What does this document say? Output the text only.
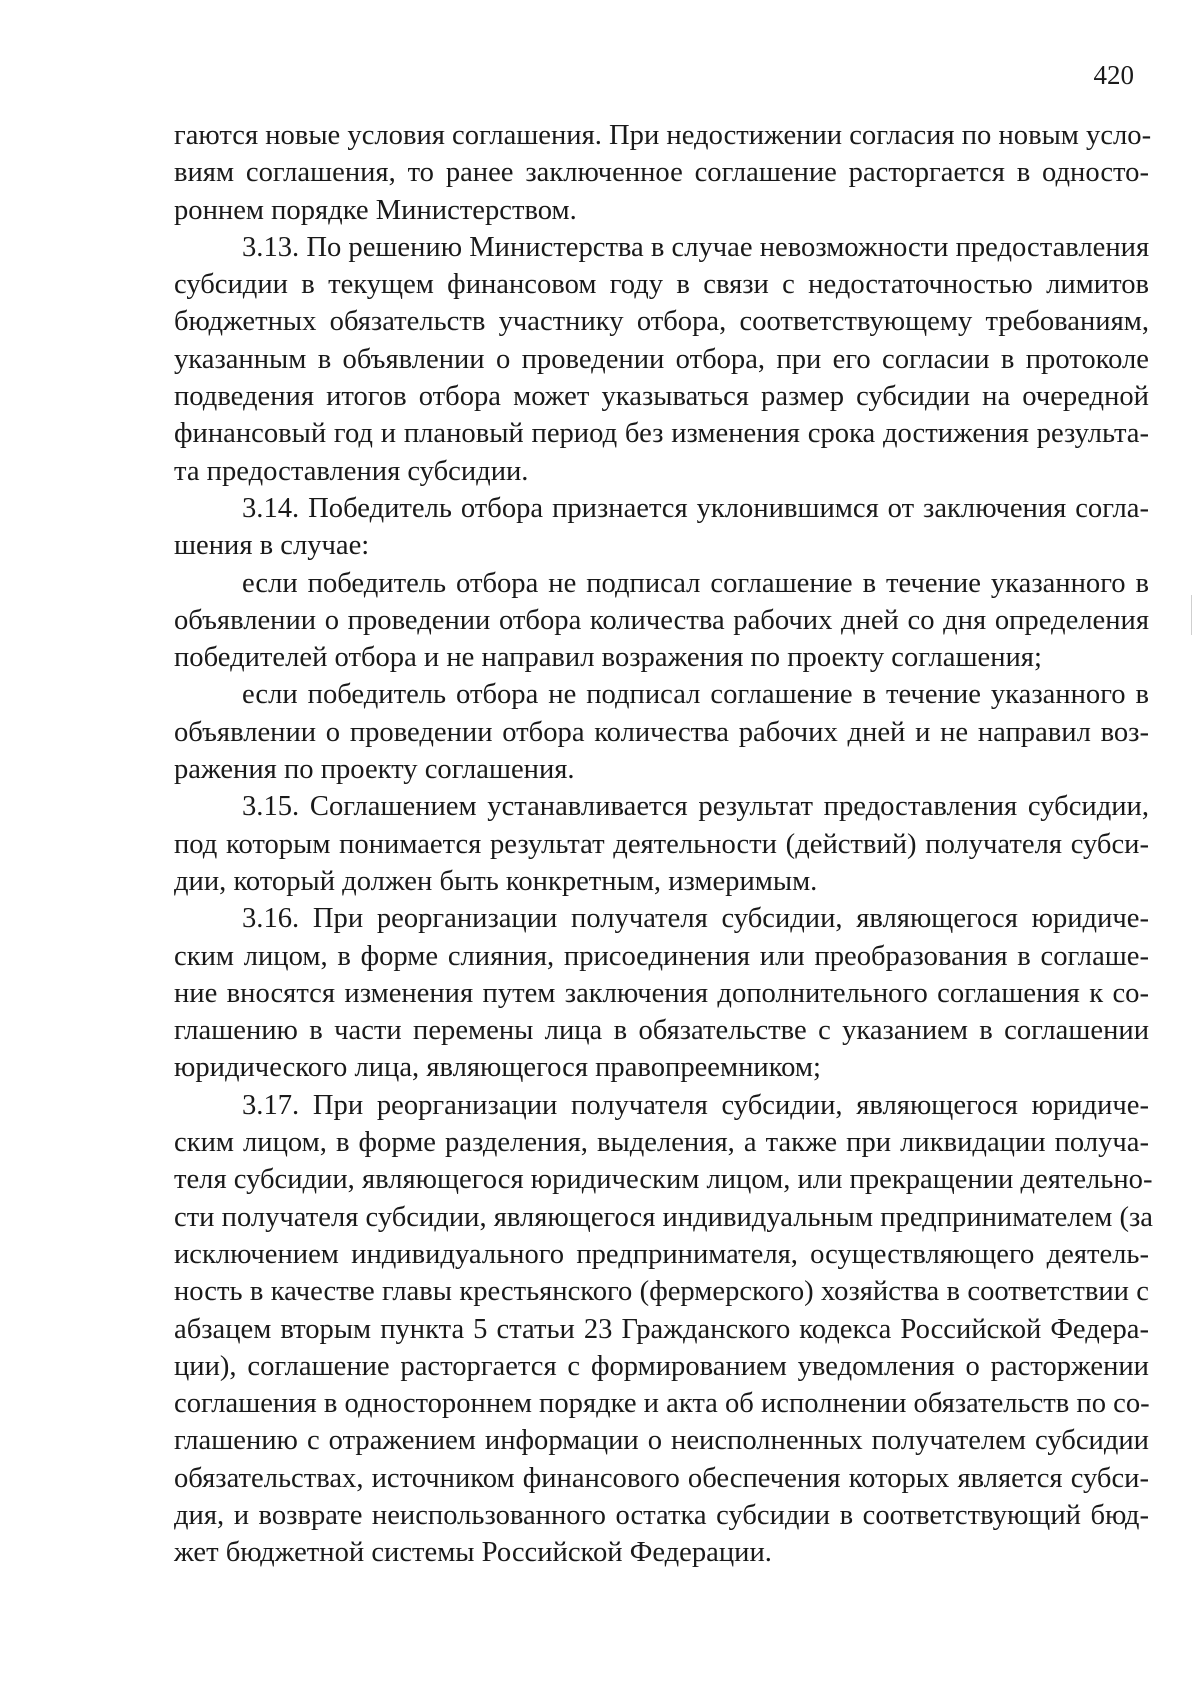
420
гаются новые условия соглашения. При недостижении согласия по новым усло-
виям соглашения, то ранее заключенное соглашение расторгается в односто-
роннем порядке Министерством.
3.13. По решению Министерства в случае невозможности предоставления
субсидии в текущем финансовом году в связи с недостаточностью лимитов
бюджетных обязательств участнику отбора, соответствующему требованиям,
указанным в объявлении о проведении отбора, при его согласии в протоколе
подведения итогов отбора может указываться размер субсидии на очередной
финансовый год и плановый период без изменения срока достижения результа-
та предоставления субсидии.
3.14. Победитель отбора признается уклонившимся от заключения согла-
шения в случае:
если победитель отбора не подписал соглашение в течение указанного в
объявлении о проведении отбора количества рабочих дней со дня определения
победителей отбора и не направил возражения по проекту соглашения;
если победитель отбора не подписал соглашение в течение указанного в
объявлении о проведении отбора количества рабочих дней и не направил воз-
ражения по проекту соглашения.
3.15. Соглашением устанавливается результат предоставления субсидии,
под которым понимается результат деятельности (действий) получателя субси-
дии, который должен быть конкретным, измеримым.
3.16. При реорганизации получателя субсидии, являющегося юридиче-
ским лицом, в форме слияния, присоединения или преобразования в соглаше-
ние вносятся изменения путем заключения дополнительного соглашения к со-
глашению в части перемены лица в обязательстве с указанием в соглашении
юридического лица, являющегося правопреемником;
3.17. При реорганизации получателя субсидии, являющегося юридиче-
ским лицом, в форме разделения, выделения, а также при ликвидации получа-
теля субсидии, являющегося юридическим лицом, или прекращении деятельно-
сти получателя субсидии, являющегося индивидуальным предпринимателем (за
исключением индивидуального предпринимателя, осуществляющего деятель-
ность в качестве главы крестьянского (фермерского) хозяйства в соответствии с
абзацем вторым пункта 5 статьи 23 Гражданского кодекса Российской Федера-
ции), соглашение расторгается с формированием уведомления о расторжении
соглашения в одностороннем порядке и акта об исполнении обязательств по со-
глашению с отражением информации о неисполненных получателем субсидии
обязательствах, источником финансового обеспечения которых является субси-
дия, и возврате неиспользованного остатка субсидии в соответствующий бюд-
жет бюджетной системы Российской Федерации.
